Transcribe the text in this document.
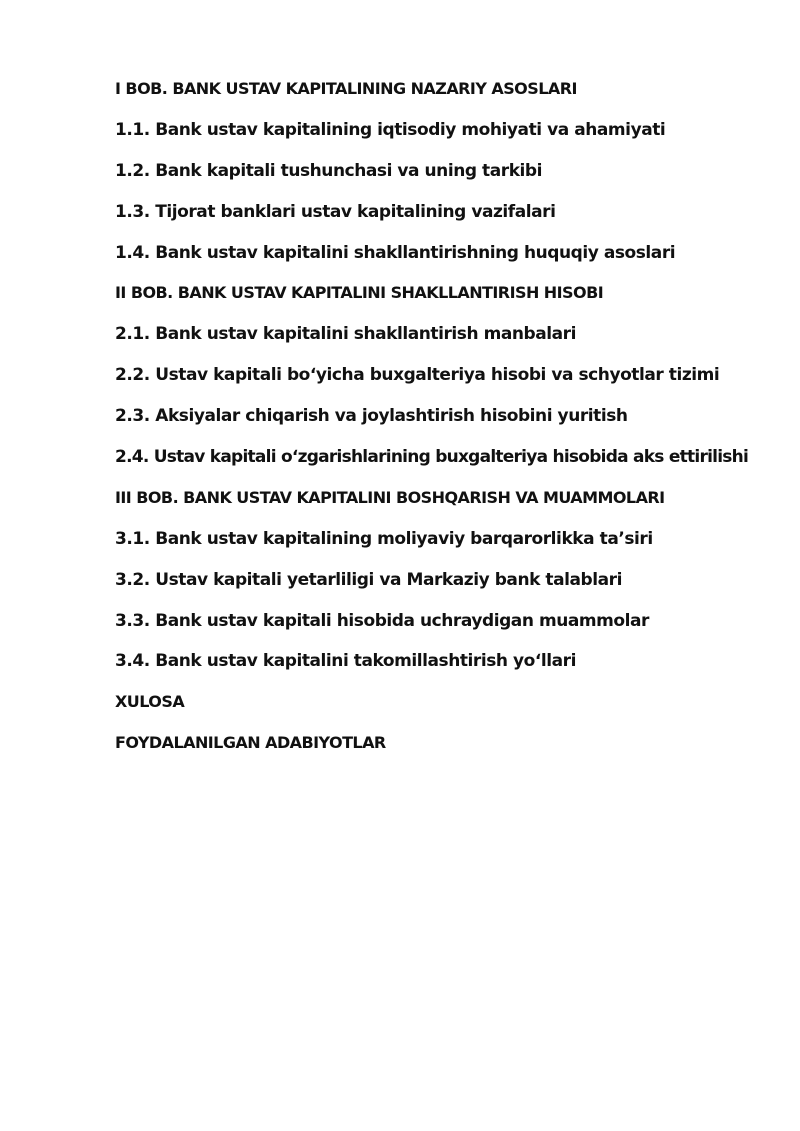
I BOB. BANK USTAV KAPITALINING NAZARIY ASOSLARI
1.1. Bank ustav kapitalining iqtisodiy mohiyati va ahamiyati
1.2. Bank kapitali tushunchasi va uning tarkibi
1.3. Tijorat banklari ustav kapitalining vazifalari
1.4. Bank ustav kapitalini shakllantirishning huquqiy asoslari
II BOB. BANK USTAV KAPITALINI SHAKLLANTIRISH HISOBI
2.1. Bank ustav kapitalini shakllantirish manbalari
2.2. Ustav kapitali boʻyicha buxgalteriya hisobi va schyotlar tizimi
2.3. Aksiyalar chiqarish va joylashtirish hisobini yuritish
2.4. Ustav kapitali oʻzgarishlarining buxgalteriya hisobida aks ettirilishi
III BOB. BANK USTAV KAPITALINI BOSHQARISH VA MUAMMOLARI
3.1. Bank ustav kapitalining moliyaviy barqarorlikka ta’siri
3.2. Ustav kapitali yetarliligi va Markaziy bank talablari
3.3. Bank ustav kapitali hisobida uchraydigan muammolar
3.4. Bank ustav kapitalini takomillashtirish yoʻllari
XULOSA
FOYDALANILGAN ADABIYOTLAR
